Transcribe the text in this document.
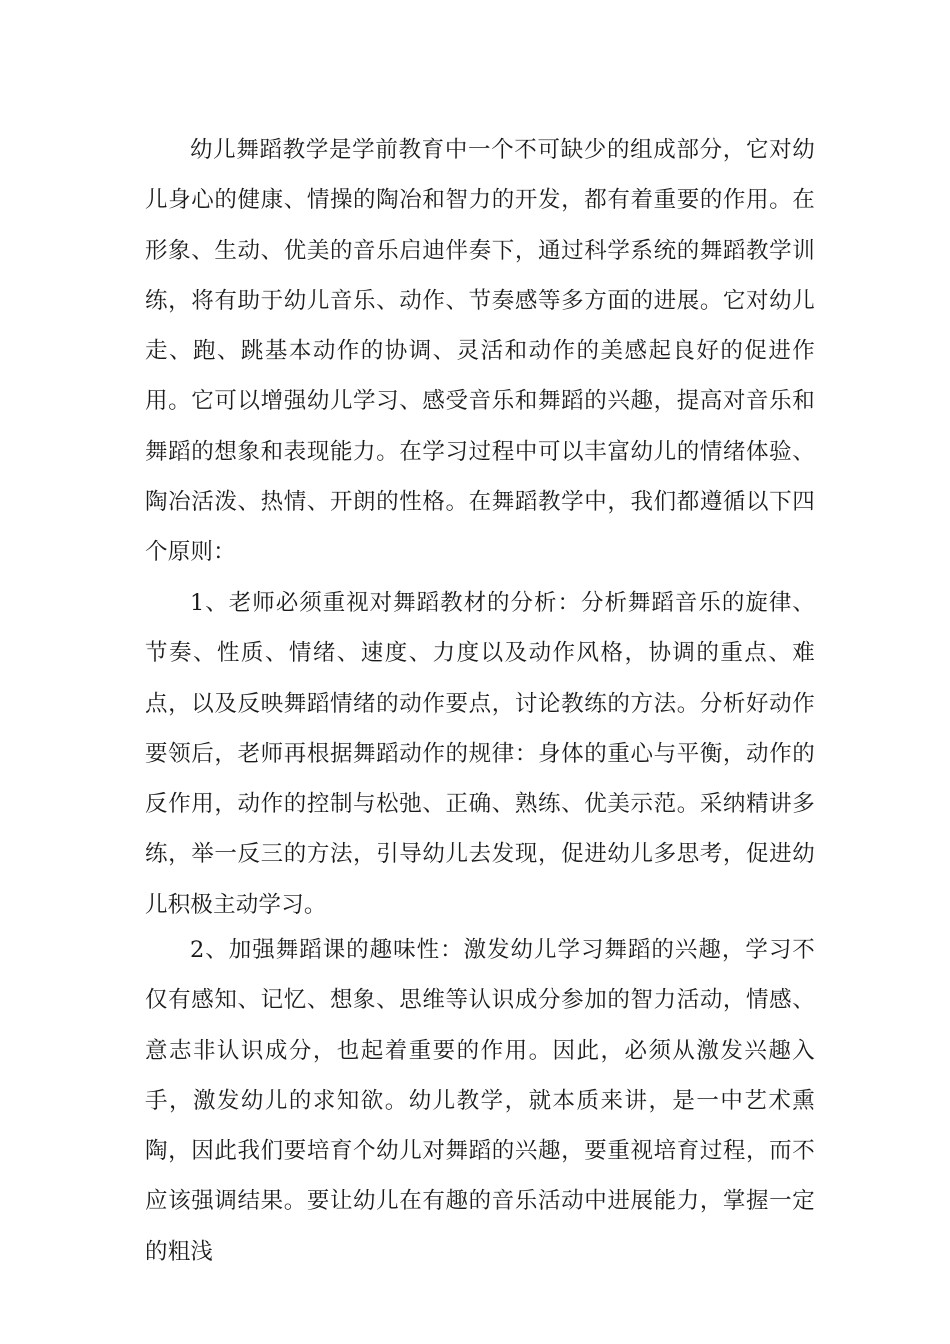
幼儿舞蹈教学是学前教育中一个不可缺少的组成部分，它对幼儿身心的健康、情操的陶冶和智力的开发，都有着重要的作用。在形象、生动、优美的音乐启迪伴奏下，通过科学系统的舞蹈教学训练，将有助于幼儿音乐、动作、节奏感等多方面的进展。它对幼儿走、跑、跳基本动作的协调、灵活和动作的美感起良好的促进作用。它可以增强幼儿学习、感受音乐和舞蹈的兴趣，提高对音乐和舞蹈的想象和表现能力。在学习过程中可以丰富幼儿的情绪体验、陶冶活泼、热情、开朗的性格。在舞蹈教学中，我们都遵循以下四个原则：

1、老师必须重视对舞蹈教材的分析：分析舞蹈音乐的旋律、节奏、性质、情绪、速度、力度以及动作风格，协调的重点、难点，以及反映舞蹈情绪的动作要点，讨论教练的方法。分析好动作要领后，老师再根据舞蹈动作的规律：身体的重心与平衡，动作的反作用，动作的控制与松弛、正确、熟练、优美示范。采纳精讲多练，举一反三的方法，引导幼儿去发现，促进幼儿多思考，促进幼儿积极主动学习。

2、加强舞蹈课的趣味性：激发幼儿学习舞蹈的兴趣，学习不仅有感知、记忆、想象、思维等认识成分参加的智力活动，情感、意志非认识成分，也起着重要的作用。因此，必须从激发兴趣入手，激发幼儿的求知欲。幼儿教学，就本质来讲，是一中艺术熏陶，因此我们要培育个幼儿对舞蹈的兴趣，要重视培育过程，而不应该强调结果。要让幼儿在有趣的音乐活动中进展能力，掌握一定的粗浅
